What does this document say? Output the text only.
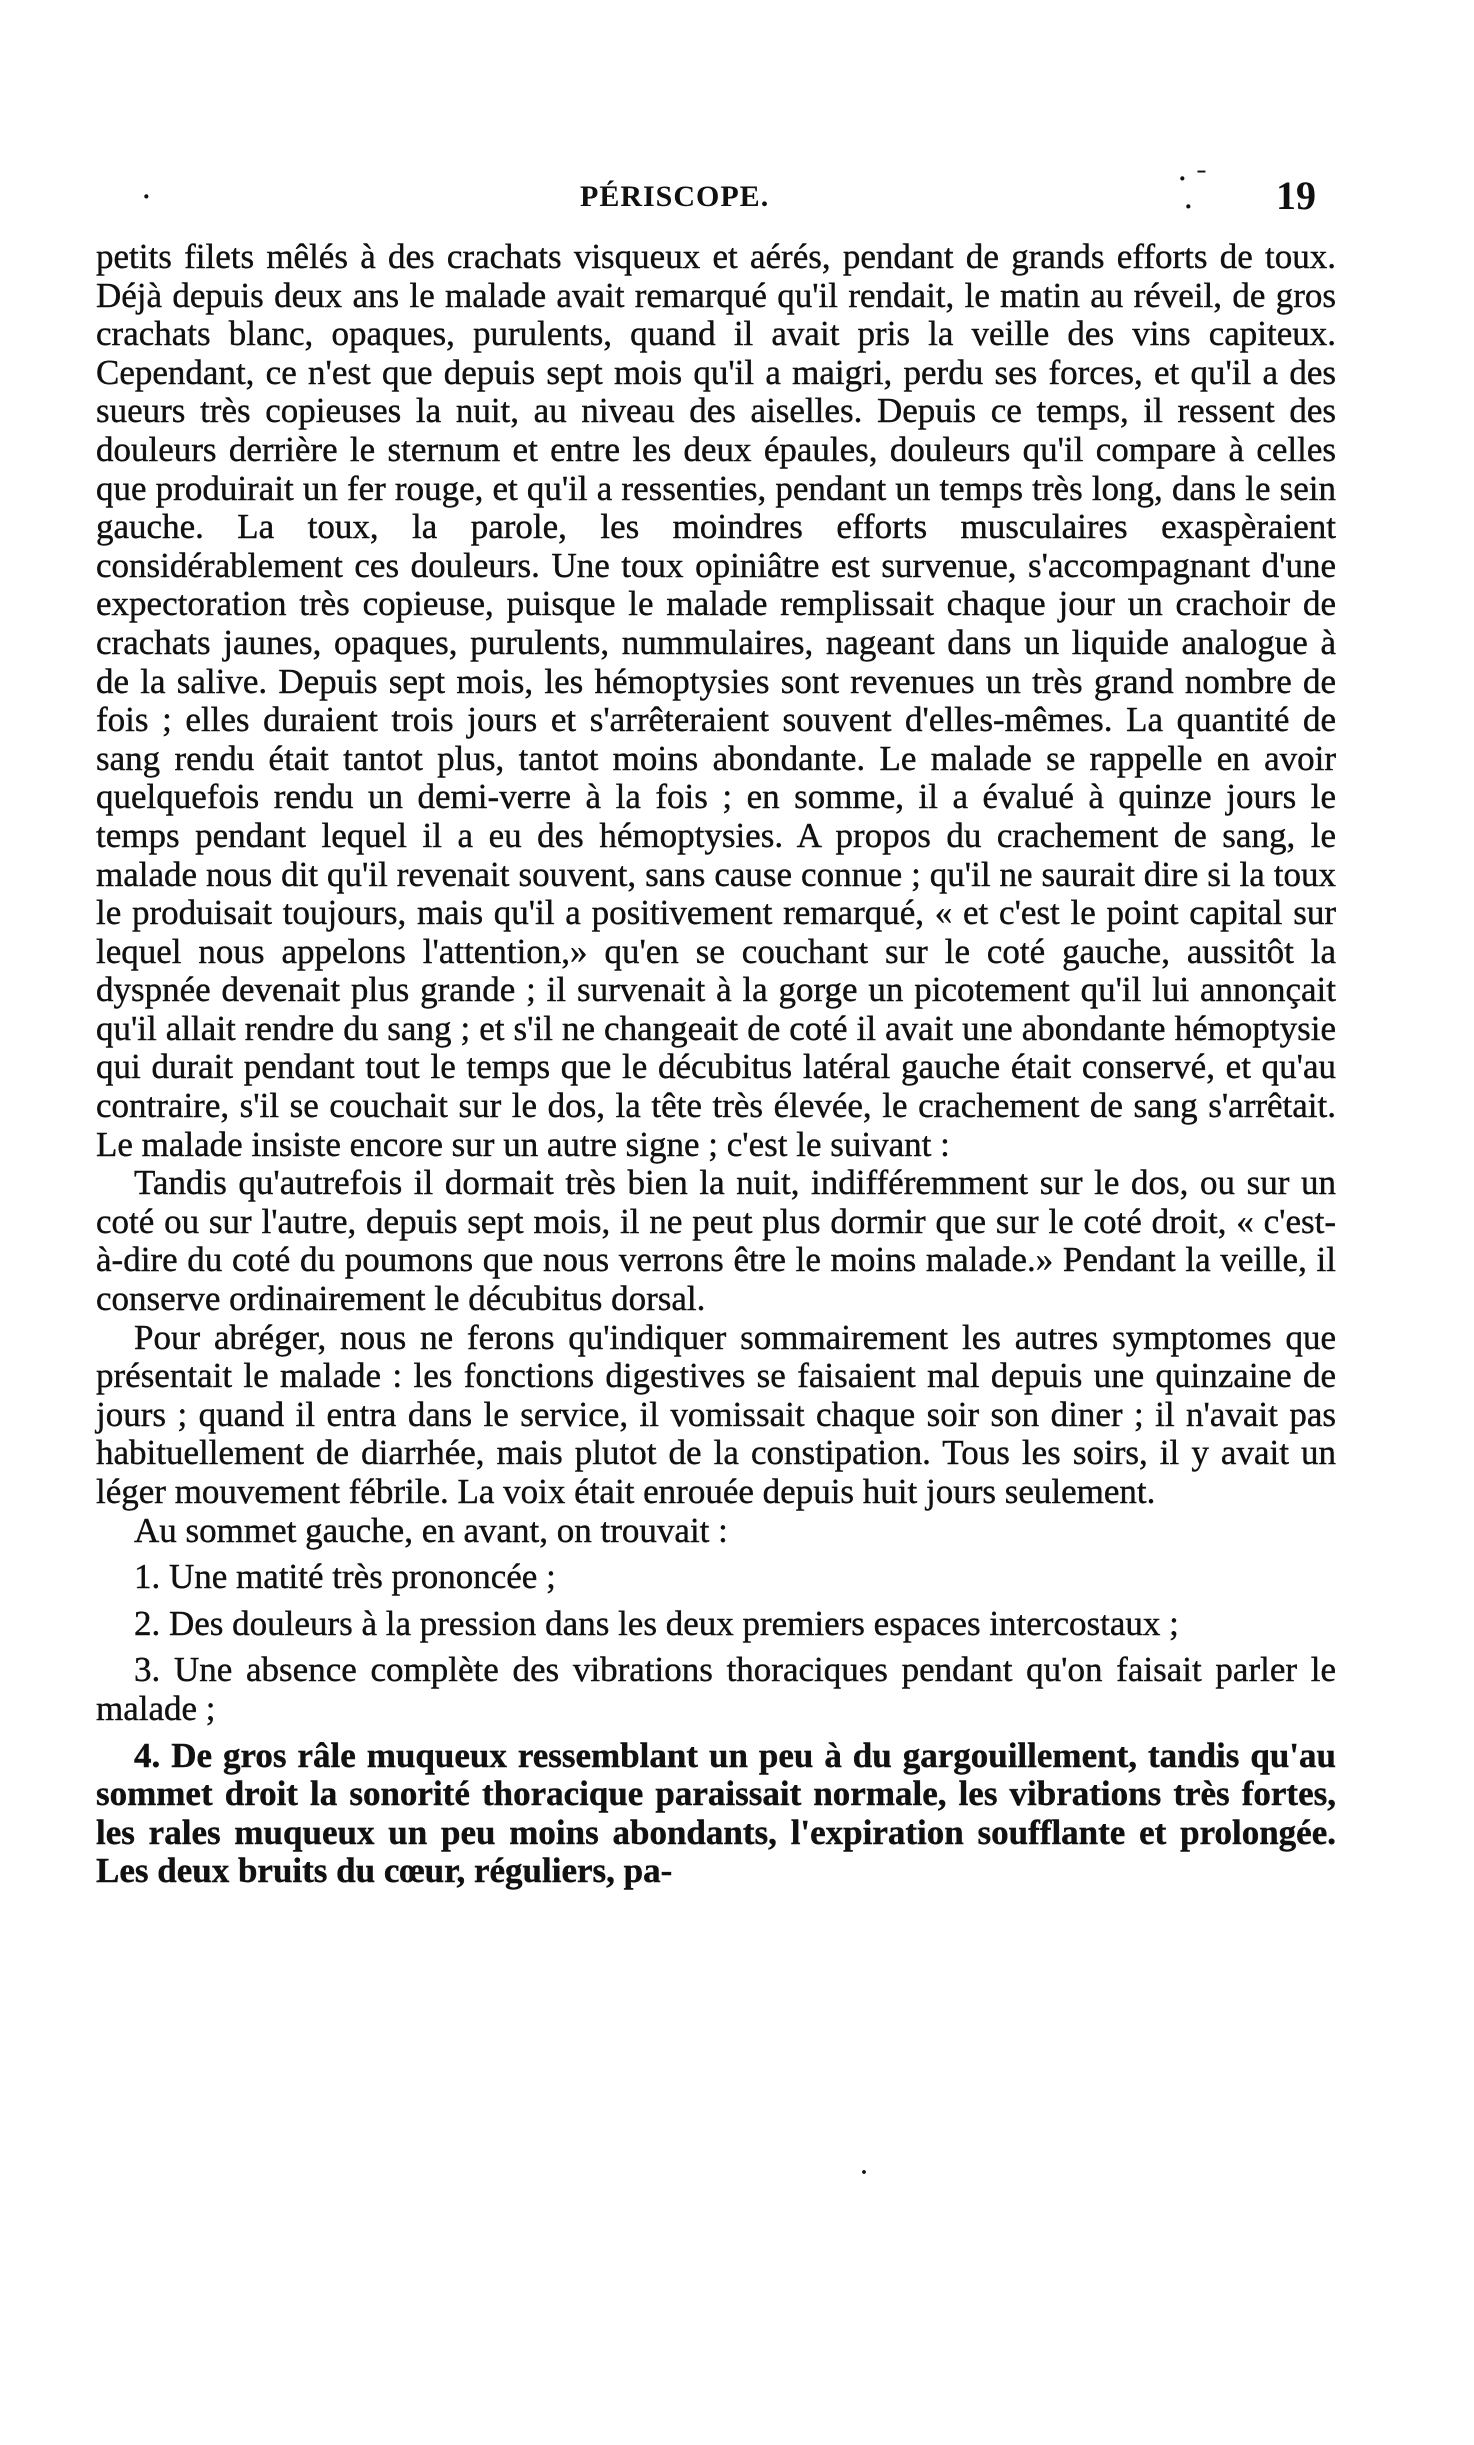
·	PÉRISCOPE.
· ˉ
· 19

petits filets mêlés à des crachats visqueux et aérés, pendant de grands efforts de toux. Déjà depuis deux ans le malade avait remarqué qu'il rendait, le matin au réveil, de gros crachats blanc, opaques, purulents, quand il avait pris la veille des vins capiteux. Cependant, ce n'est que depuis sept mois qu'il a maigri, perdu ses forces, et qu'il a des sueurs très copieuses la nuit, au niveau des aiselles. Depuis ce temps, il ressent des douleurs derrière le sternum et entre les deux épaules, douleurs qu'il compare à celles que produirait un fer rouge, et qu'il a ressenties, pendant un temps très long, dans le sein gauche. La toux, la parole, les moindres efforts musculaires exaspèraient considérablement ces douleurs. Une toux opiniâtre est survenue, s'accompagnant d'une expectoration très copieuse, puisque le malade remplissait chaque jour un crachoir de crachats jaunes, opaques, purulents, nummulaires, nageant dans un liquide analogue à de la salive. Depuis sept mois, les hémoptysies sont revenues un très grand nombre de fois ; elles duraient trois jours et s'arrêteraient souvent d'elles-mêmes. La quantité de sang rendu était tantot plus, tantot moins abondante. Le malade se rappelle en avoir quelquefois rendu un demi-verre à la fois ; en somme, il a évalué à quinze jours le temps pendant lequel il a eu des hémoptysies. A propos du crachement de sang, le malade nous dit qu'il revenait souvent, sans cause connue ; qu'il ne saurait dire si la toux le produisait toujours, mais qu'il a positivement remarqué, « et c'est le point capital sur lequel nous appelons l'attention,» qu'en se couchant sur le coté gauche, aussitôt la dyspnée devenait plus grande ; il survenait à la gorge un picotement qu'il lui annonçait qu'il allait rendre du sang ; et s'il ne changeait de coté il avait une abondante hémoptysie qui durait pendant tout le temps que le décubitus latéral gauche était conservé, et qu'au contraire, s'il se couchait sur le dos, la tête très élevée, le crachement de sang s'arrêtait. Le malade insiste encore sur un autre signe ; c'est le suivant :

Tandis qu'autrefois il dormait très bien la nuit, indifféremment sur le dos, ou sur un coté ou sur l'autre, depuis sept mois, il ne peut plus dormir que sur le coté droit, « c'est-à-dire du coté du poumons que nous verrons être le moins malade.» Pendant la veille, il conserve ordinairement le décubitus dorsal.

Pour abréger, nous ne ferons qu'indiquer sommairement les autres symptomes que présentait le malade : les fonctions digestives se faisaient mal depuis une quinzaine de jours ; quand il entra dans le service, il vomissait chaque soir son diner ; il n'avait pas habituellement de diarrhée, mais plutot de la constipation. Tous les soirs, il y avait un léger mouvement fébrile. La voix était enrouée depuis huit jours seulement.

Au sommet gauche, en avant, on trouvait :

1. Une matité très prononcée ;

2. Des douleurs à la pression dans les deux premiers espaces intercostaux ;

3. Une absence complète des vibrations thoraciques pendant qu'on faisait parler le malade ;

4. De gros râle muqueux ressemblant un peu à du gargouillement, tandis qu'au sommet droit la sonorité thoracique paraissait normale, les vibrations très fortes, les rales muqueux un peu moins abondants, l'expiration soufflante et prolongée. Les deux bruits du cœur, réguliers, pa-

·
